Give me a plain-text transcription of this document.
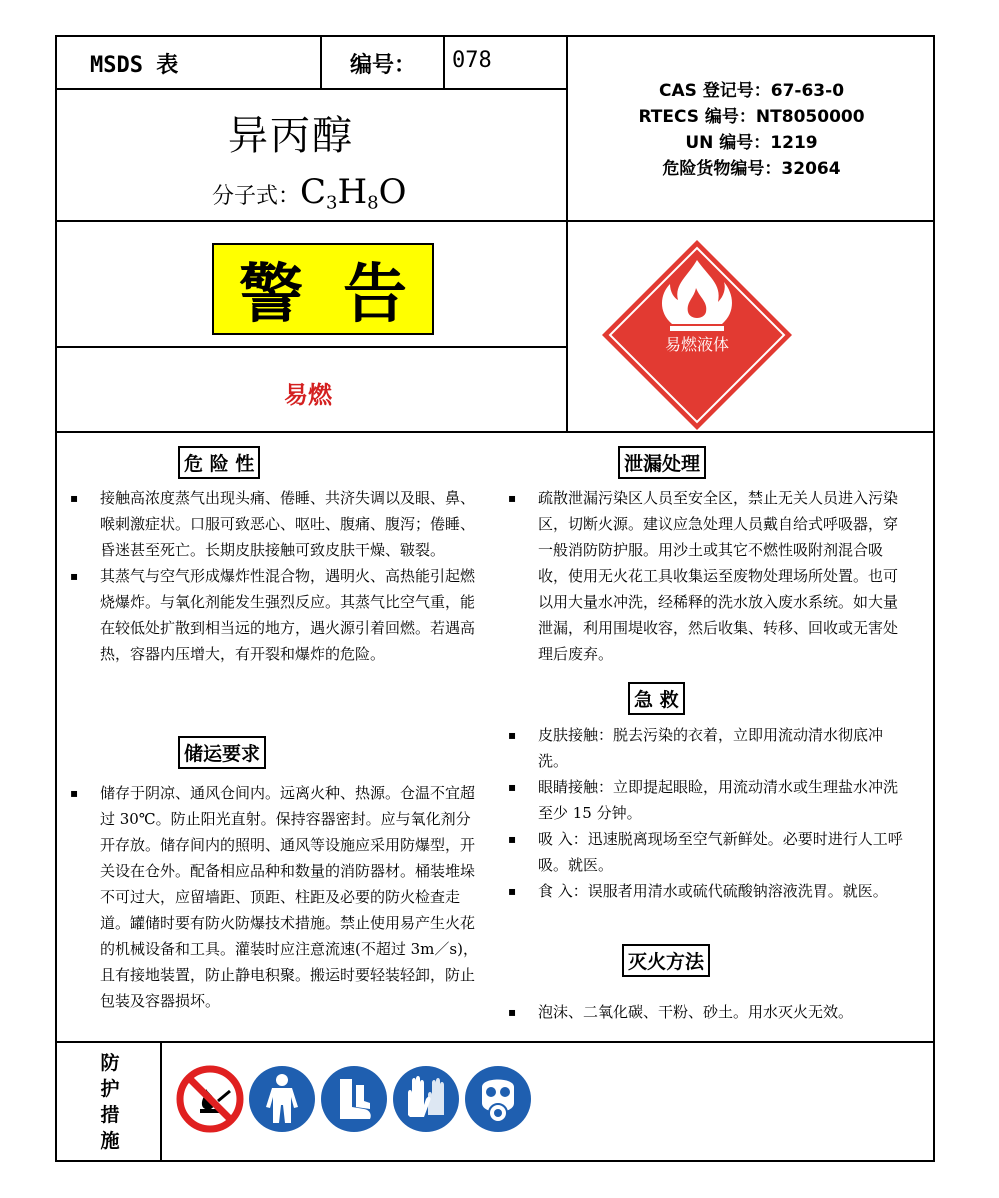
MSDS 表	编号： 078
异丙醇
分子式：$C_3H_8O$
CAS 登记号：67-63-0
RTECS 编号：NT8050000
UN 编号：1219
危险货物编号：32064
警告
易燃
易燃液体
危 险 性
▪ 接触高浓度蒸气出现头痛、倦睡、共济失调以及眼、鼻、喉刺激症状。口服可致恶心、呕吐、腹痛、腹泻；倦睡、昏迷甚至死亡。长期皮肤接触可致皮肤干燥、皲裂。
▪ 其蒸气与空气形成爆炸性混合物，遇明火、高热能引起燃烧爆炸。与氧化剂能发生强烈反应。其蒸气比空气重，能在较低处扩散到相当远的地方，遇火源引着回燃。若遇高热，容器内压增大，有开裂和爆炸的危险。
储运要求
▪ 储存于阴凉、通风仓间内。远离火种、热源。仓温不宜超过 30℃。防止阳光直射。保持容器密封。应与氧化剂分开存放。储存间内的照明、通风等设施应采用防爆型，开关设在仓外。配备相应品种和数量的消防器材。桶装堆垛不可过大，应留墙距、顶距、柱距及必要的防火检查走道。罐储时要有防火防爆技术措施。禁止使用易产生火花的机械设备和工具。灌装时应注意流速(不超过 3m／s)，且有接地装置，防止静电积聚。搬运时要轻装轻卸，防止包装及容器损坏。
泄漏处理
▪ 疏散泄漏污染区人员至安全区，禁止无关人员进入污染区，切断火源。建议应急处理人员戴自给式呼吸器，穿一般消防防护服。用沙土或其它不燃性吸附剂混合吸收，使用无火花工具收集运至废物处理场所处置。也可以用大量水冲洗，经稀释的洗水放入废水系统。如大量泄漏，利用围堤收容，然后收集、转移、回收或无害处理后废弃。
急 救
▪ 皮肤接触：脱去污染的衣着，立即用流动清水彻底冲洗。
▪ 眼睛接触：立即提起眼睑，用流动清水或生理盐水冲洗至少 15 分钟。
▪ 吸 入：迅速脱离现场至空气新鲜处。必要时进行人工呼吸。就医。
▪ 食 入：误服者用清水或硫代硫酸钠溶液洗胃。就医。
灭火方法
▪ 泡沫、二氧化碳、干粉、砂土。用水灭火无效。
防护措施
